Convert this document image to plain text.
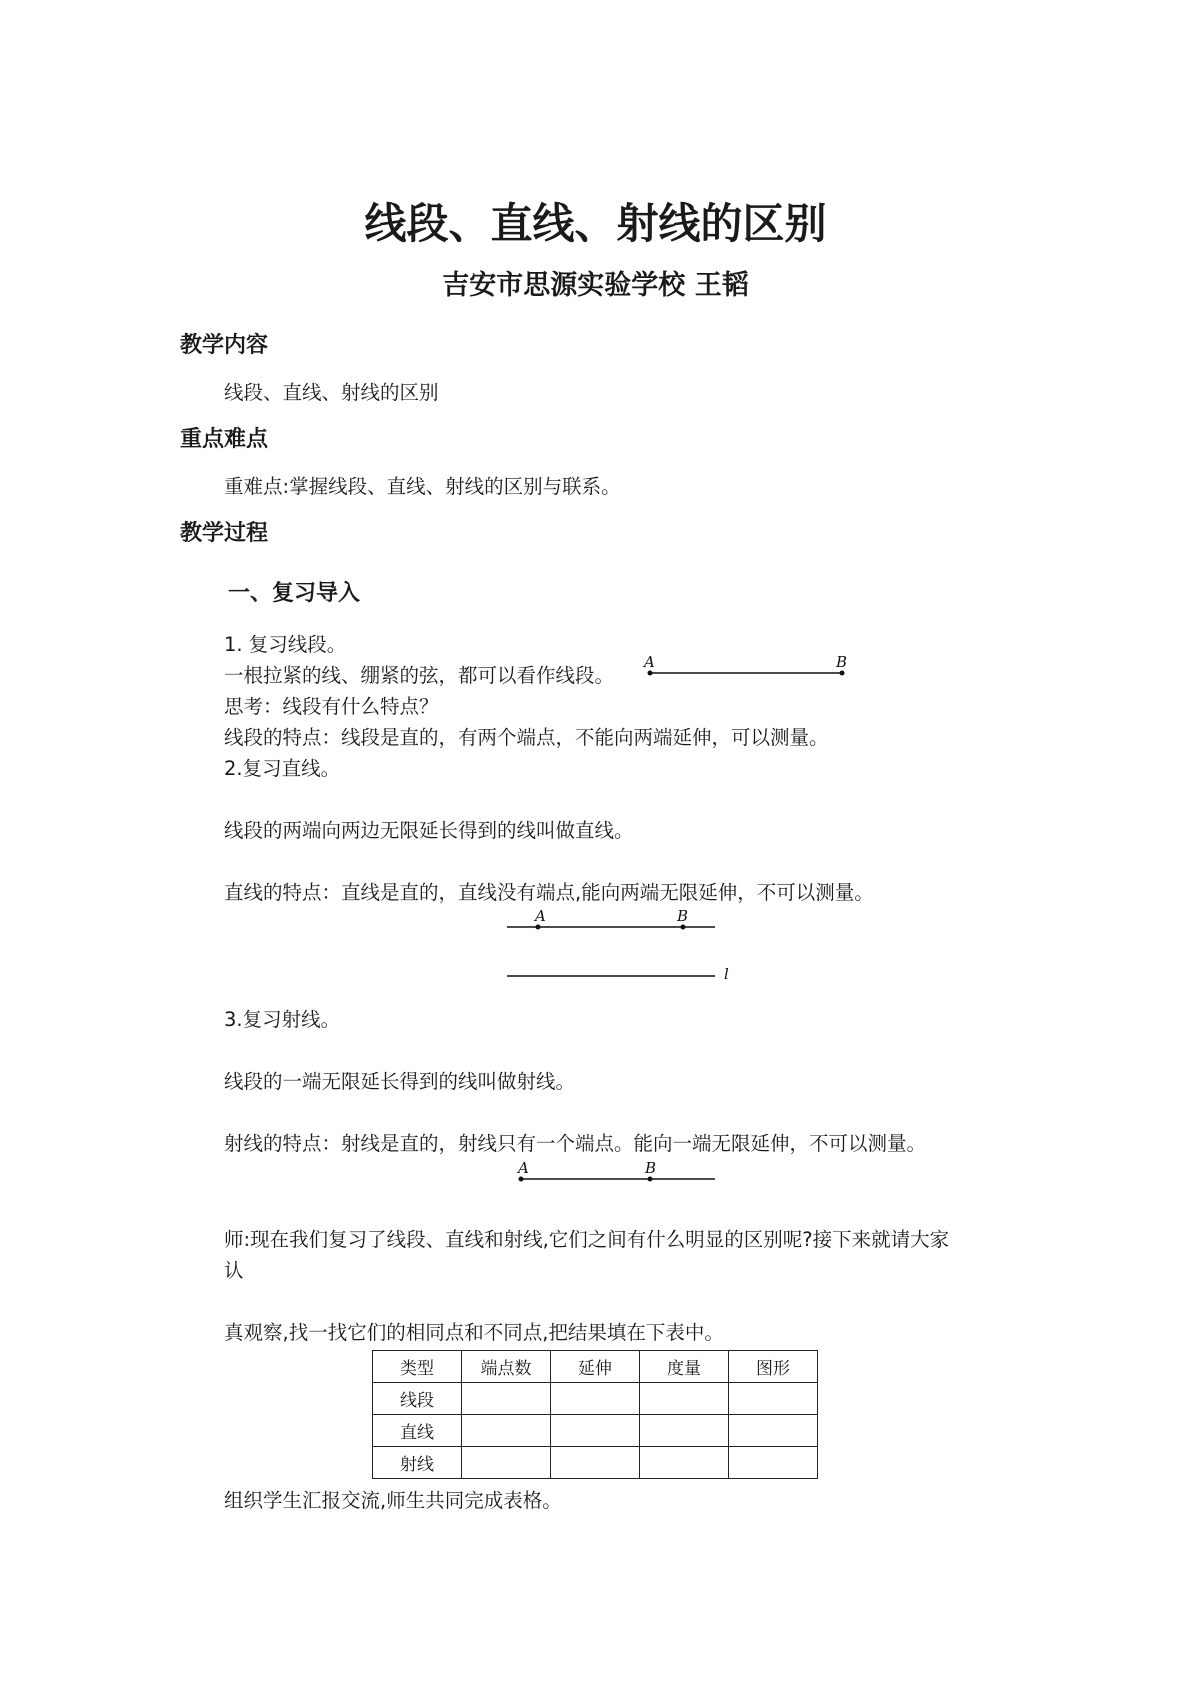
线段、直线、射线的区别
吉安市思源实验学校 王韬
教学内容
线段、直线、射线的区别
重点难点
重难点:掌握线段、直线、射线的区别与联系。
教学过程
一、复习导入
1. 复习线段。
一根拉紧的线、绷紧的弦，都可以看作线段。
A	B
思考：线段有什么特点？
线段的特点：线段是直的，有两个端点，不能向两端延伸，可以测量。
2.复习直线。
线段的两端向两边无限延长得到的线叫做直线。
直线的特点：直线是直的，直线没有端点,能向两端无限延伸，不可以测量。
A	B
l
3.复习射线。
线段的一端无限延长得到的线叫做射线。
射线的特点：射线是直的，射线只有一个端点。能向一端无限延伸，不可以测量。
A	B
师:现在我们复习了线段、直线和射线,它们之间有什么明显的区别呢?接下来就请大家
认
真观察,找一找它们的相同点和不同点,把结果填在下表中。
类型	端点数	延伸	度量	图形
线段				
直线				
射线				
组织学生汇报交流,师生共同完成表格。
